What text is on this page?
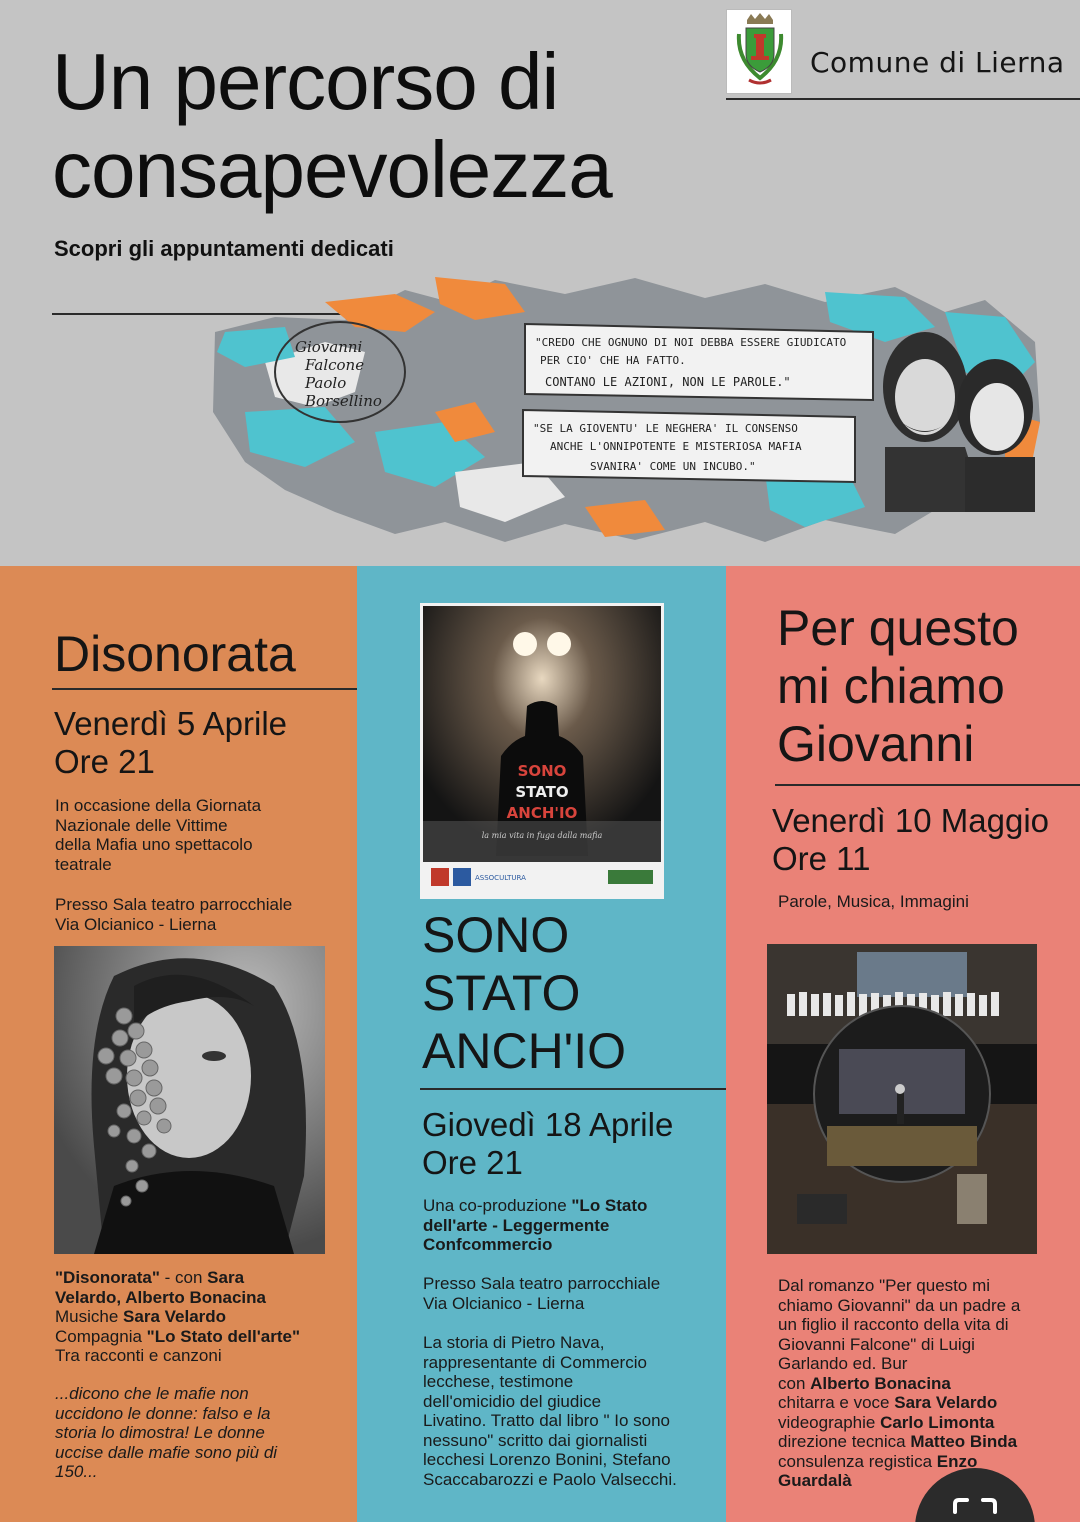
Un percorso di
consapevolezza
Scopri gli appuntamenti dedicati
Comune di Lierna
Giovanni
Falcone
Paolo
Borsellino
"CREDO CHE OGNUNO DI NOI DEBBA ESSERE GIUDICATO
PER CIO' CHE HA FATTO.
CONTANO LE AZIONI, NON LE PAROLE."
"SE LA GIOVENTU' LE NEGHERA' IL CONSENSO
ANCHE L'ONNIPOTENTE E MISTERIOSA MAFIA
SVANIRA' COME UN INCUBO."
Disonorata
Venerdì 5 Aprile
Ore 21
In occasione della Giornata
Nazionale delle Vittime
della Mafia uno spettacolo
teatrale
Presso Sala teatro parrocchiale
Via Olcianico - Lierna
"Disonorata" - con Sara
Velardo, Alberto Bonacina
Musiche Sara Velardo
Compagnia "Lo Stato dell'arte"
Tra racconti e canzoni
...dicono che le mafie non
uccidono le donne: falso e la
storia lo dimostra! Le donne
uccise dalle mafie sono più di
150...
SONO
STATO
ANCH'IO
la mia vita in fuga dalla mafia
ASSOCULTURA
SONO
STATO
ANCH'IO
Giovedì 18 Aprile
Ore 21
Una co-produzione "Lo Stato
dell'arte - Leggermente
Confcommercio
Presso Sala teatro parrocchiale
Via Olcianico - Lierna
La storia di Pietro Nava,
rappresentante di Commercio
lecchese, testimone
dell'omicidio del giudice
Livatino. Tratto dal libro " Io sono
nessuno" scritto dai giornalisti
lecchesi Lorenzo Bonini, Stefano
Scaccabarozzi e Paolo Valsecchi.
Per questo
mi chiamo
Giovanni
Venerdì 10 Maggio
Ore 11
Parole, Musica, Immagini
Dal romanzo "Per questo mi
chiamo Giovanni" da un padre a
un figlio il racconto della vita di
Giovanni Falcone" di Luigi
Garlando ed. Bur
con Alberto Bonacina
chitarra e voce Sara Velardo
videographie Carlo Limonta
direzione tecnica Matteo Binda
consulenza registica Enzo
Guardalà
